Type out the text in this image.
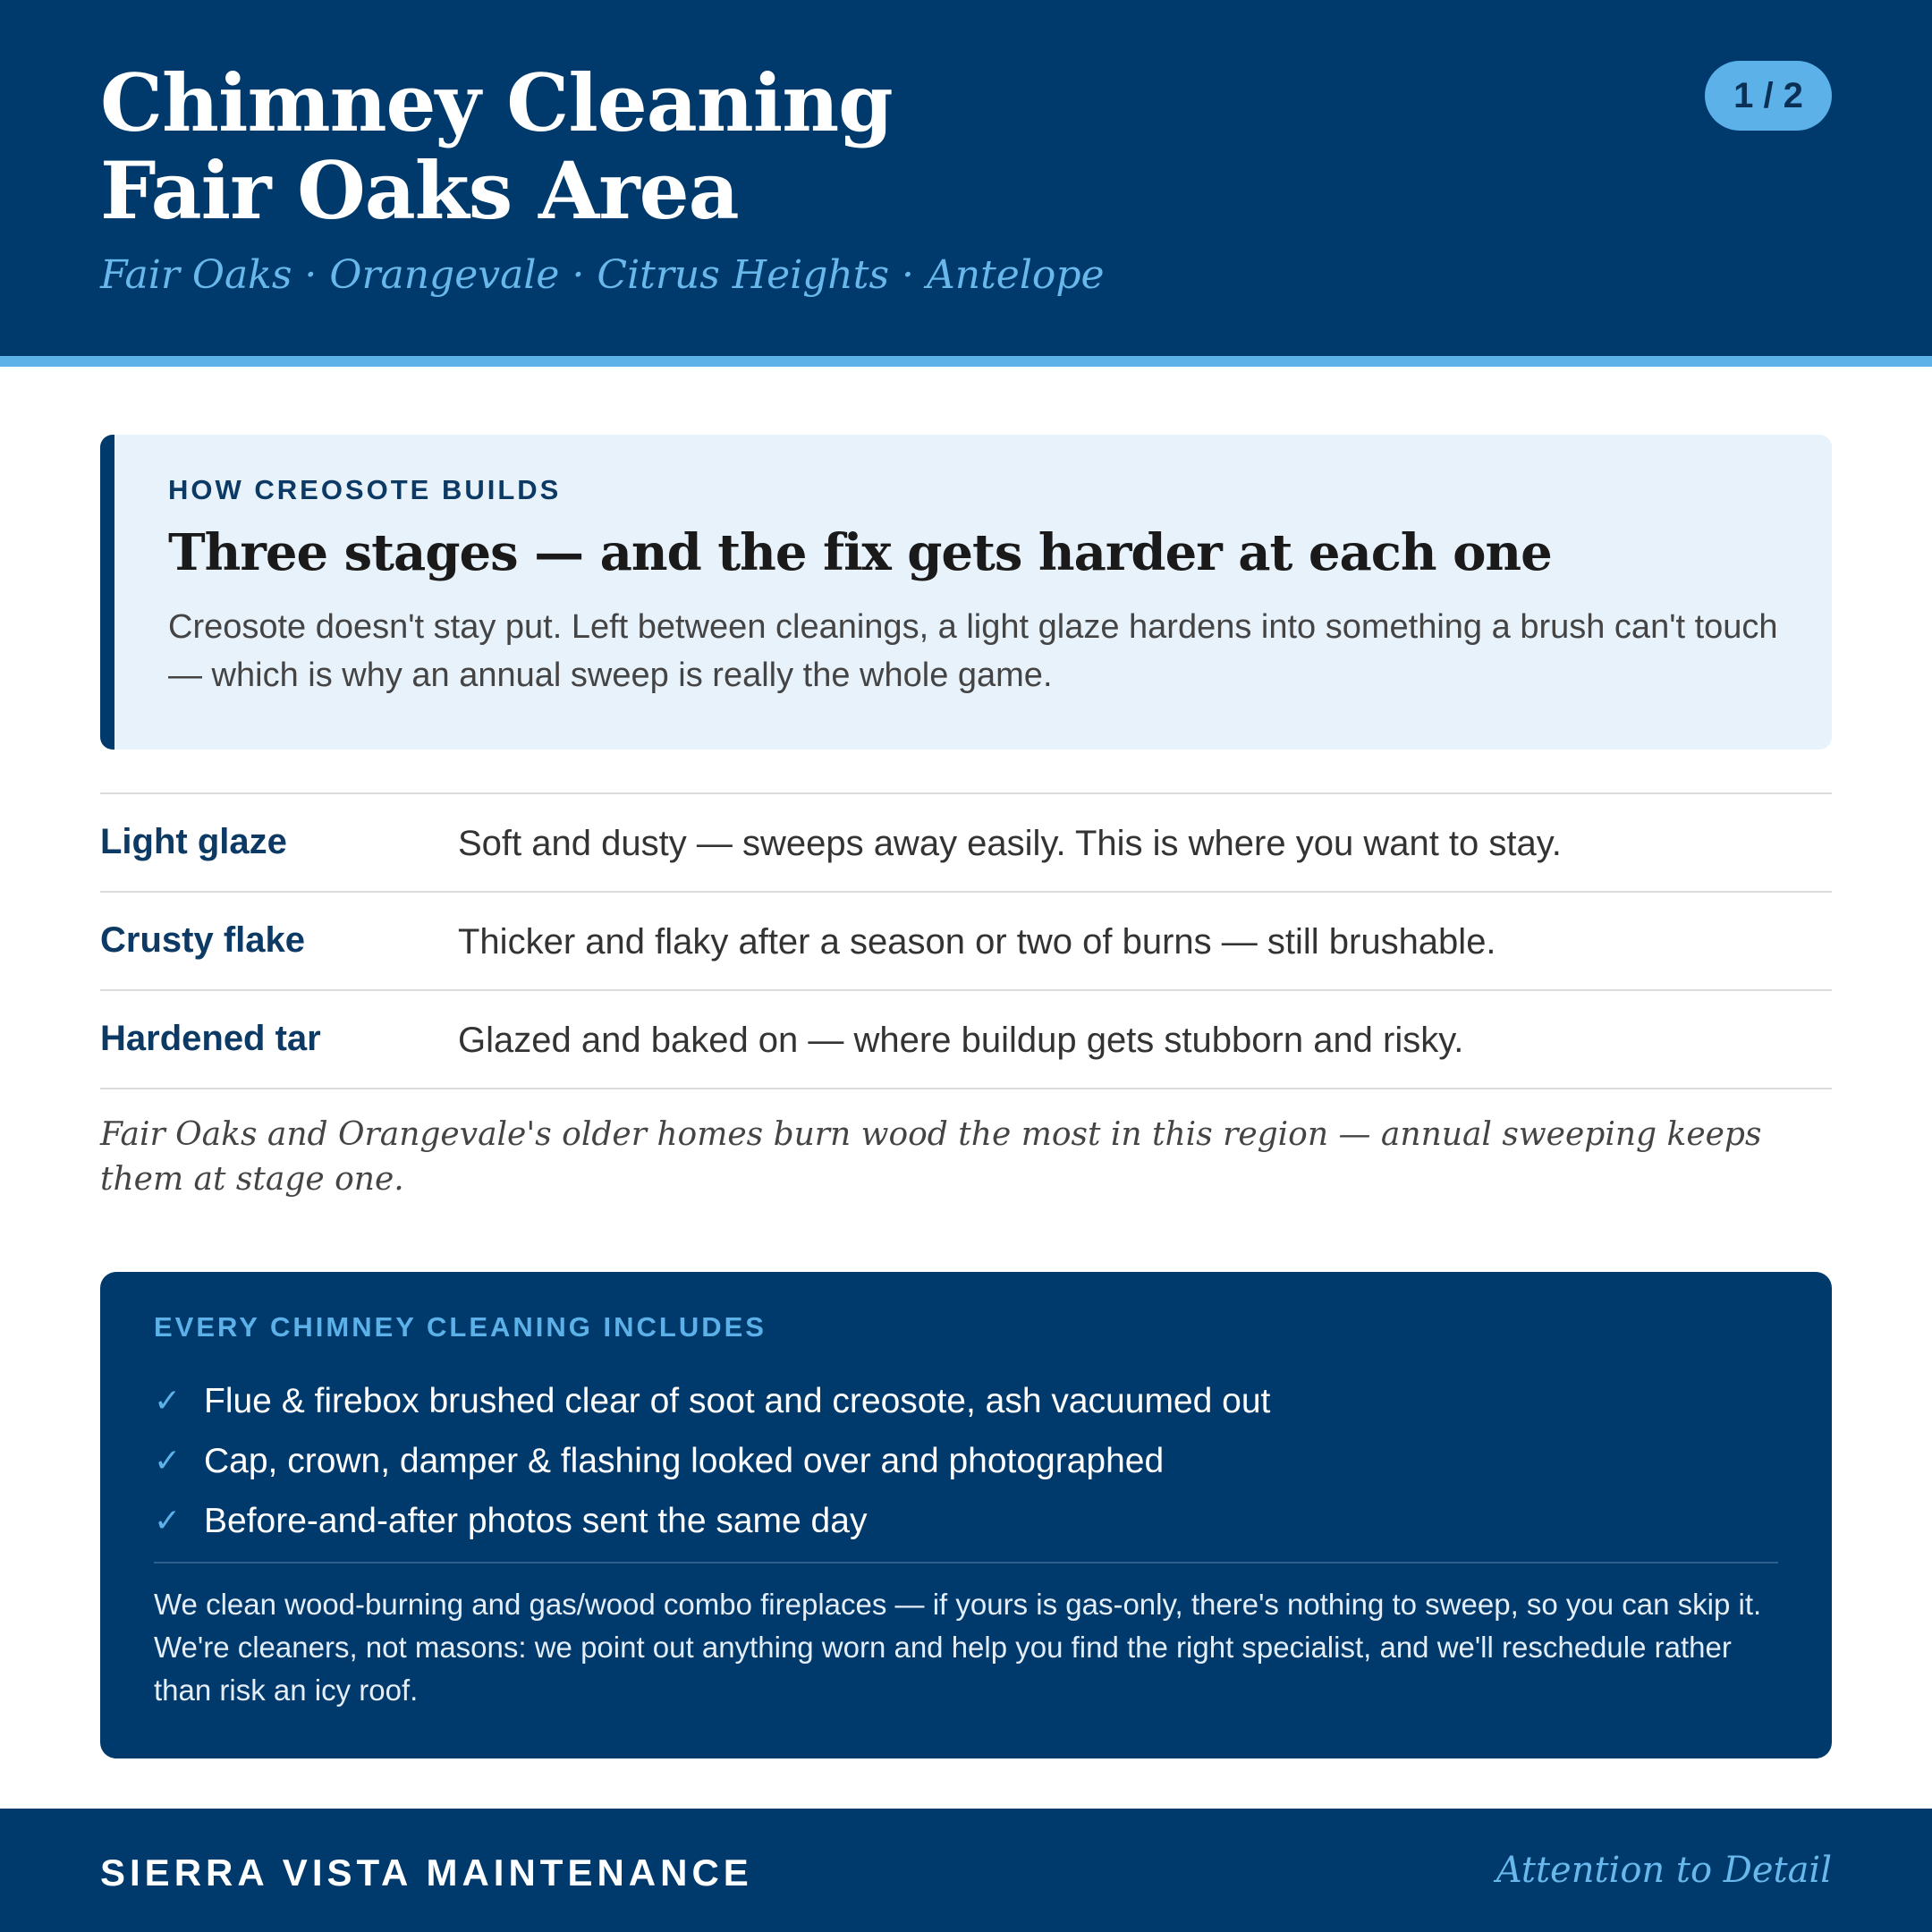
Chimney Cleaning
Fair Oaks Area
Fair Oaks · Orangevale · Citrus Heights · Antelope
1 / 2
HOW CREOSOTE BUILDS
Three stages — and the fix gets harder at each one

Creosote doesn't stay put. Left between cleanings, a light glaze hardens into something a brush can't touch — which is why an annual sweep is really the whole game.

Light glaze	Soft and dusty — sweeps away easily. This is where you want to stay.
Crusty flake	Thicker and flaky after a season or two of burns — still brushable.
Hardened tar	Glazed and baked on — where buildup gets stubborn and risky.

Fair Oaks and Orangevale's older homes burn wood the most in this region — annual sweeping keeps them at stage one.

EVERY CHIMNEY CLEANING INCLUDES
✓ Flue & firebox brushed clear of soot and creosote, ash vacuumed out
✓ Cap, crown, damper & flashing looked over and photographed
✓ Before-and-after photos sent the same day

We clean wood-burning and gas/wood combo fireplaces — if yours is gas-only, there's nothing to sweep, so you can skip it. We're cleaners, not masons: we point out anything worn and help you find the right specialist, and we'll reschedule rather than risk an icy roof.

SIERRA VISTA MAINTENANCE	Attention to Detail
